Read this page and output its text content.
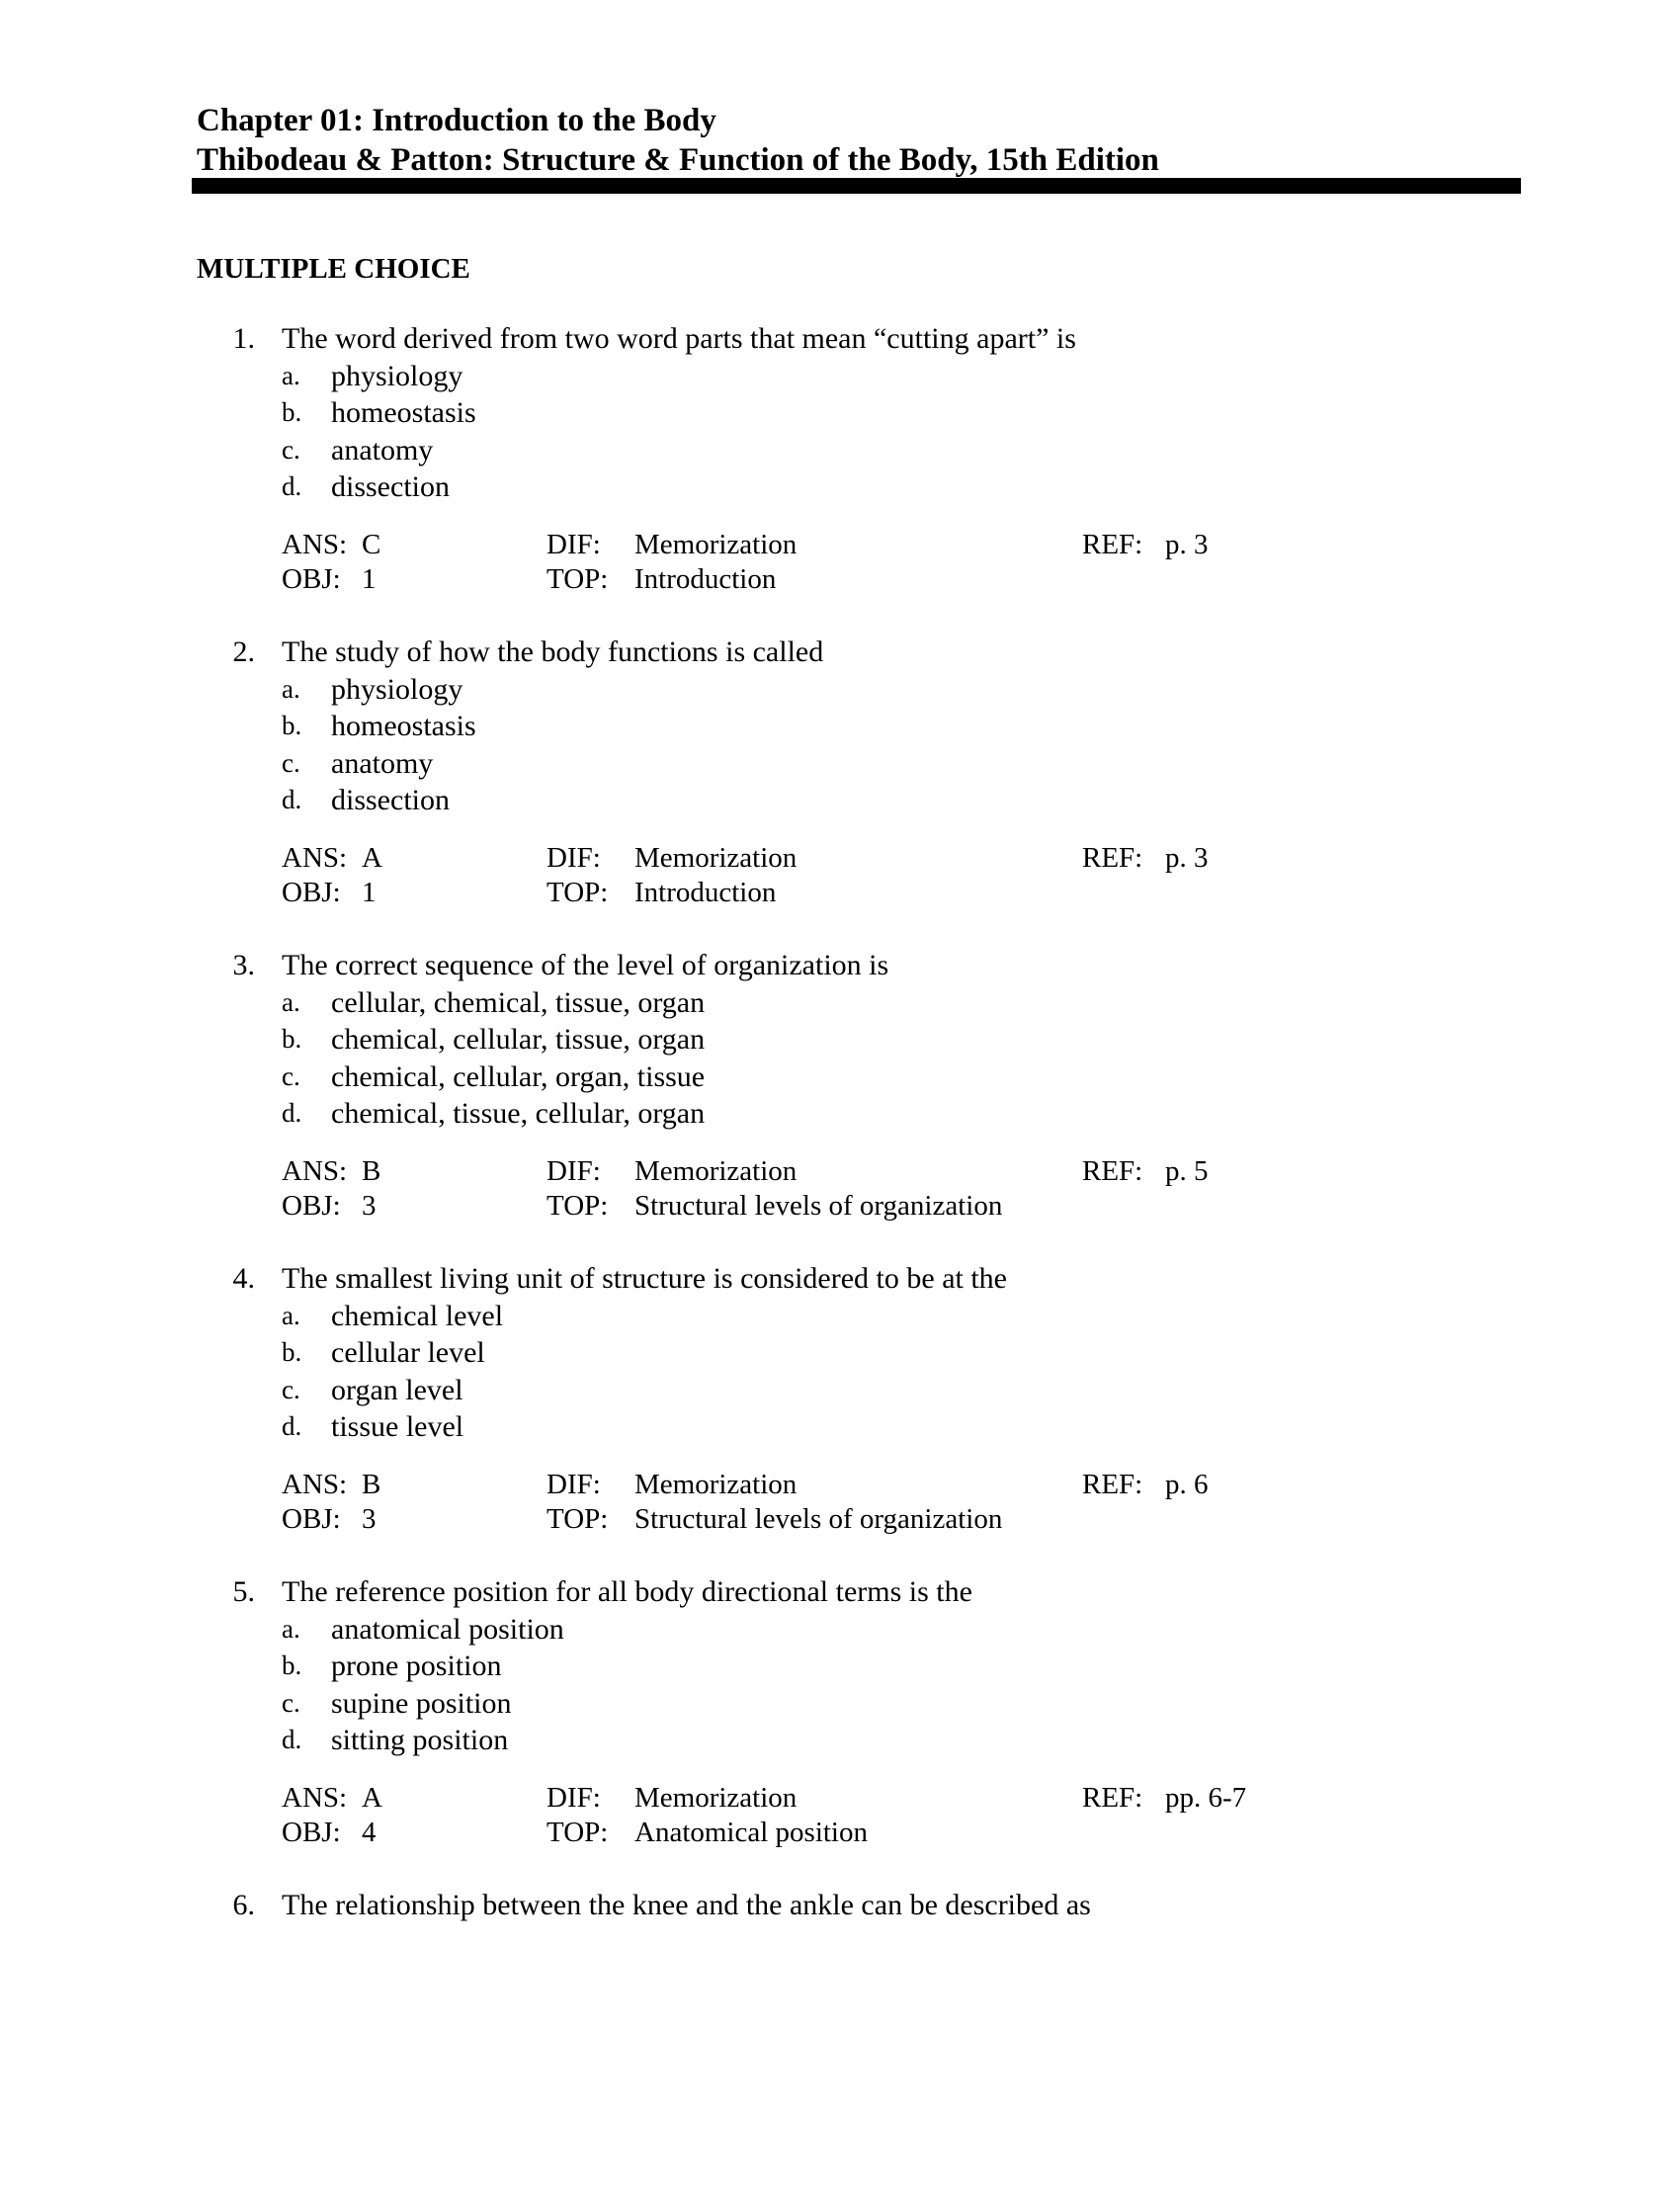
Chapter 01: Introduction to the Body
Thibodeau & Patton: Structure & Function of the Body, 15th Edition
MULTIPLE CHOICE
1. The word derived from two word parts that mean “cutting apart” is
a. physiology
b. homeostasis
c. anatomy
d. dissection
ANS: C	DIF: Memorization	REF: p. 3
OBJ: 1	TOP: Introduction
2. The study of how the body functions is called
a. physiology
b. homeostasis
c. anatomy
d. dissection
ANS: A	DIF: Memorization	REF: p. 3
OBJ: 1	TOP: Introduction
3. The correct sequence of the level of organization is
a. cellular, chemical, tissue, organ
b. chemical, cellular, tissue, organ
c. chemical, cellular, organ, tissue
d. chemical, tissue, cellular, organ
ANS: B	DIF: Memorization	REF: p. 5
OBJ: 3	TOP: Structural levels of organization
4. The smallest living unit of structure is considered to be at the
a. chemical level
b. cellular level
c. organ level
d. tissue level
ANS: B	DIF: Memorization	REF: p. 6
OBJ: 3	TOP: Structural levels of organization
5. The reference position for all body directional terms is the
a. anatomical position
b. prone position
c. supine position
d. sitting position
ANS: A	DIF: Memorization	REF: pp. 6-7
OBJ: 4	TOP: Anatomical position
6. The relationship between the knee and the ankle can be described as
